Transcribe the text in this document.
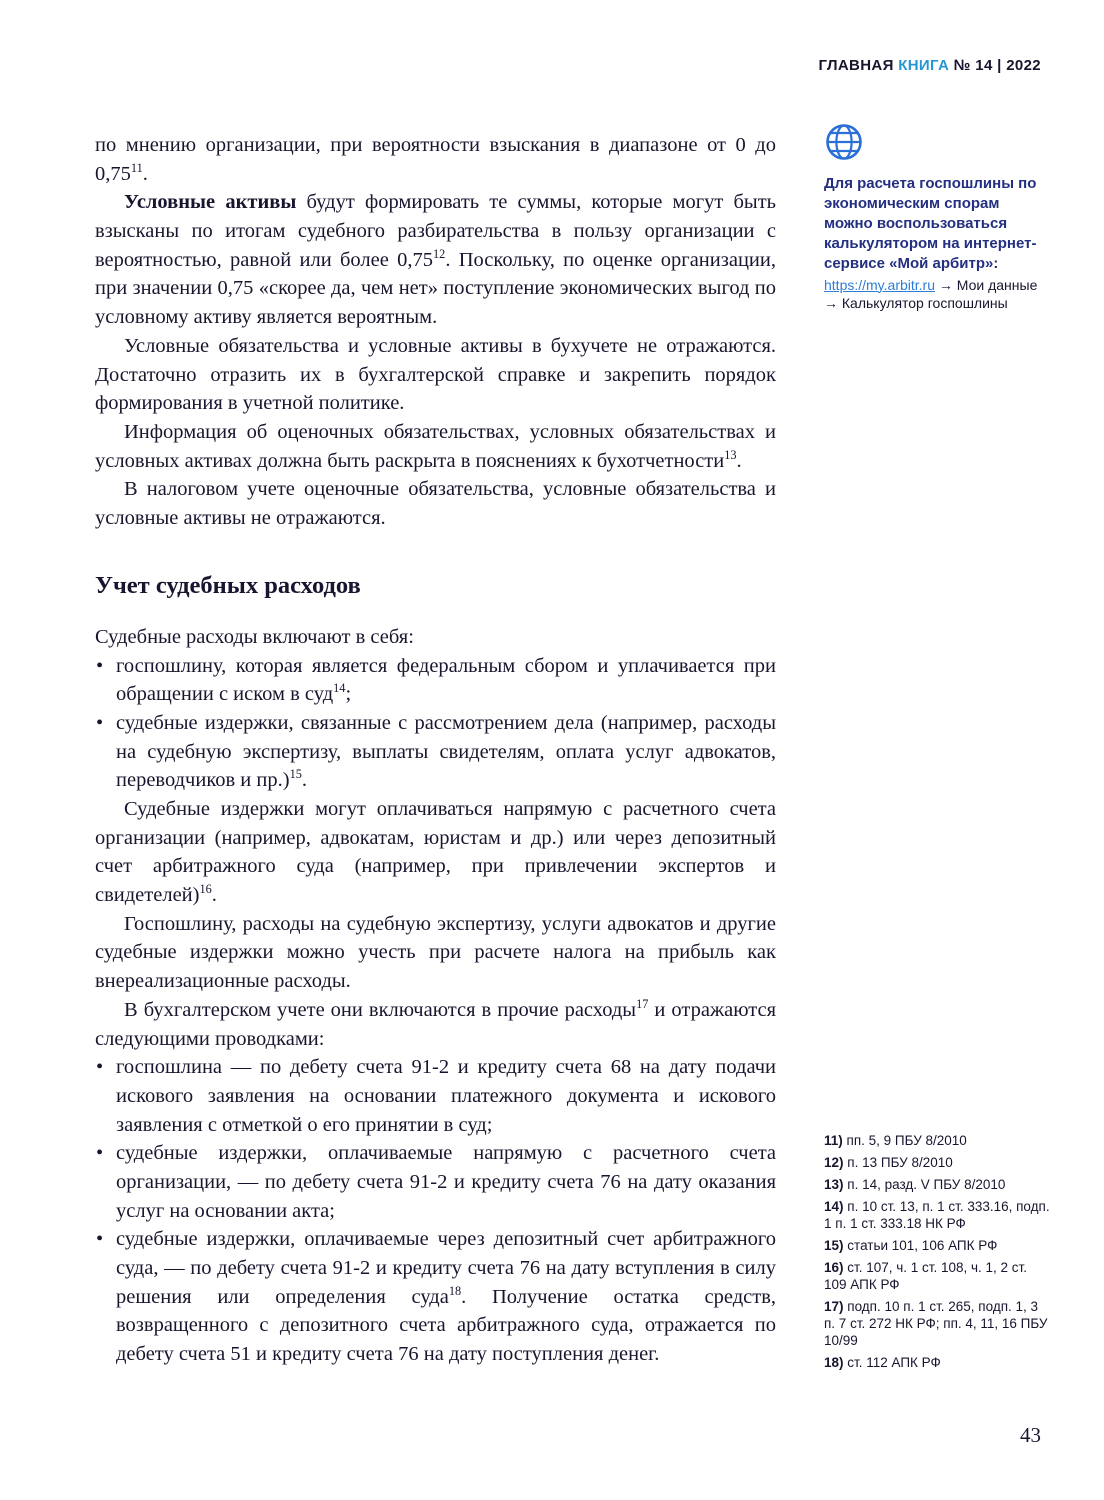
ГЛАВНАЯ КНИГА № 14 | 2022

по мнению организации, при вероятности взыскания в диапазоне от 0 до 0,75$^{11}$.

Условные активы будут формировать те суммы, которые могут быть взысканы по итогам судебного разбирательства в пользу организации с вероятностью, равной или более 0,75$^{12}$. Поскольку, по оценке организации, при значении 0,75 «скорее да, чем нет» поступление экономических выгод по условному активу является вероятным.

Условные обязательства и условные активы в бухучете не отражаются. Достаточно отразить их в бухгалтерской справке и закрепить порядок формирования в учетной политике.

Информация об оценочных обязательствах, условных обязательствах и условных активах должна быть раскрыта в пояснениях к бухотчетности$^{13}$.

В налоговом учете оценочные обязательства, условные обязательства и условные активы не отражаются.

Учет судебных расходов

Судебные расходы включают в себя:

• госпошлину, которая является федеральным сбором и уплачивается при обращении с иском в суд$^{14}$;

• судебные издержки, связанные с рассмотрением дела (например, расходы на судебную экспертизу, выплаты свидетелям, оплата услуг адвокатов, переводчиков и пр.)$^{15}$.

Судебные издержки могут оплачиваться напрямую с расчетного счета организации (например, адвокатам, юристам и др.) или через депозитный счет арбитражного суда (например, при привлечении экспертов и свидетелей)$^{16}$.

Госпошлину, расходы на судебную экспертизу, услуги адвокатов и другие судебные издержки можно учесть при расчете налога на прибыль как внереализационные расходы.

В бухгалтерском учете они включаются в прочие расходы$^{17}$ и отражаются следующими проводками:

• госпошлина — по дебету счета 91-2 и кредиту счета 68 на дату подачи искового заявления на основании платежного документа и искового заявления с отметкой о его принятии в суд;

• судебные издержки, оплачиваемые напрямую с расчетного счета организации, — по дебету счета 91-2 и кредиту счета 76 на дату оказания услуг на основании акта;

• судебные издержки, оплачиваемые через депозитный счет арбитражного суда, — по дебету счета 91-2 и кредиту счета 76 на дату вступления в силу решения или определения суда$^{18}$. Получение остатка средств, возвращенного с депозитного счета арбитражного суда, отражается по дебету счета 51 и кредиту счета 76 на дату поступления денег.

Для расчета госпошлины по экономическим спорам можно воспользоваться калькулятором на интернет-сервисе «Мой арбитр»:

https://my.arbitr.ru → Мои данные → Калькулятор госпошлины

11) пп. 5, 9 ПБУ 8/2010

12) п. 13 ПБУ 8/2010

13) п. 14, разд. V ПБУ 8/2010

14) п. 10 ст. 13, п. 1 ст. 333.16, подп. 1 п. 1 ст. 333.18 НК РФ

15) статьи 101, 106 АПК РФ

16) ст. 107, ч. 1 ст. 108, ч. 1, 2 ст. 109 АПК РФ

17) подп. 10 п. 1 ст. 265, подп. 1, 3 п. 7 ст. 272 НК РФ; пп. 4, 11, 16 ПБУ 10/99

18) ст. 112 АПК РФ

43
